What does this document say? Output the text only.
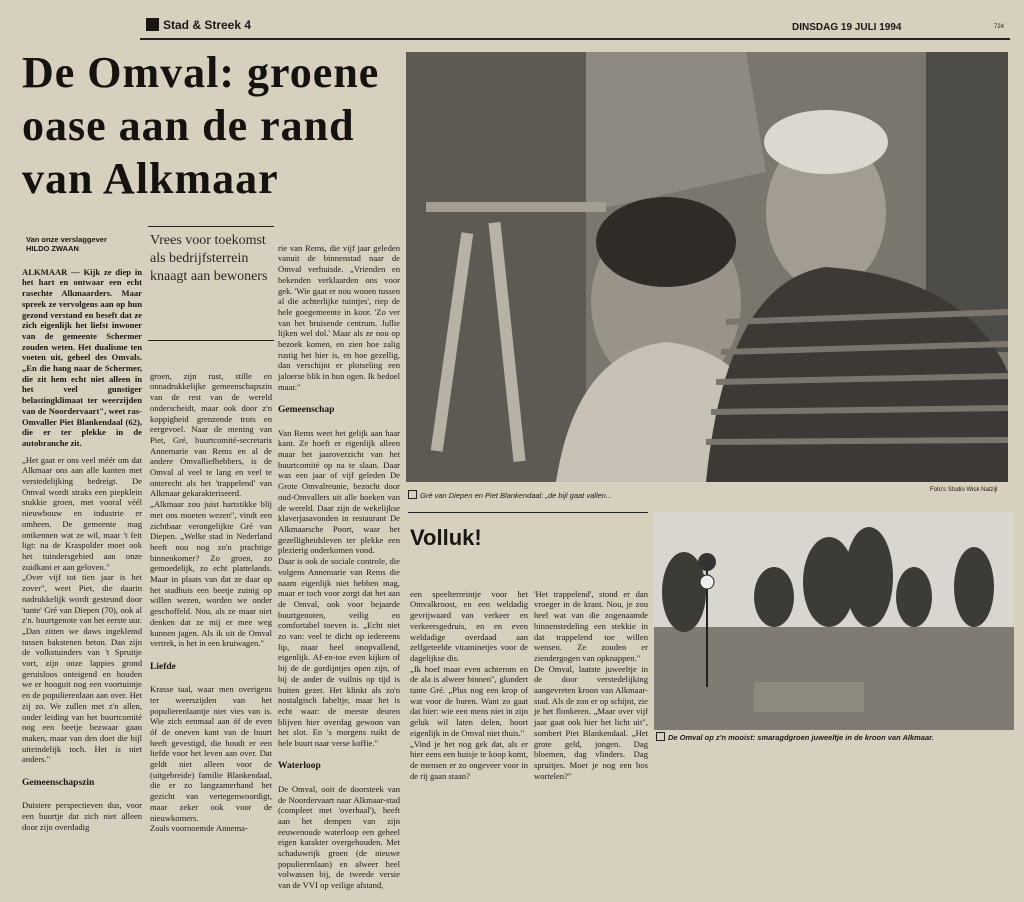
Stad & Streek 4	DINSDAG 19 JULI 1994	724
De Omval: groene oase aan de rand van Alkmaar
Van onze verslaggever
HILDO ZWAAN
Vrees voor toekomst als bedrijfsterrein knaagt aan bewoners

ALKMAAR — Kijk ze diep in het hart en ontwaar een echt rasechte Alkmaarders. Maar spreek ze vervolgens aan op hun gezond verstand en beseft dat ze zich eigenlijk het liefst inwoner van de gemeente Schermer zouden weten. Het dualisme ten voeten uit, geheel des Omvals. „En die hang naar de Schermer, die zit hem echt niet alleen in het veel gunstiger belastingklimaat ter weerzijden van de Noordervaart", weet ras-Omvaller Piet Blankendaal (62), die er ter plekke in de autobranche zit.

„Het gaat er ons veel méér om dat Alkmaar ons aan alle kanten met verstedelijking bedreigt. De Omval wordt straks een piepklein stukkie groen, met vooral véél nieuwbouw en industrie er omheen. De gemeente mag ontkennen wat ze wil, maar 't feit ligt: na de Kraspolder moet ook het tuindersgebied aan onze zuidkant er aan geloven."
„Over vijf tot tien jaar is het zover", weet Piet, die daarin nadrukkelijk wordt gesteund door 'tante' Gré van Diepen (70), ook al z'n. buurtgenote van het eerste uur. „Dan zitten we daws ingeklemd tussen bakstenen beton. Dan zijn de volkstuinders van 't Spruitje vort, zijn onze lappies grond geruisloos onteigend en houden we er hooguit nog een voortuintje en de populierenlaan aan over. Het zij zo. We zullen met z'n allen, onder leiding van het buurtcomité nog een beetje bezwaar gaan maken, maar van den doet die bijl uiteindelijk toch. Het is niet anders."

Gemeenschapszin

Duistere perspectieven dus, voor een buurtje dat zich niet alleen door zijn overdadig

groen, zijn rust, stille en onnadrukkelijke gemeenschapszin van de rest van de wereld onderscheidt, maar ook door z'n koppigheid grenzende trots en eergevoel. Naar de mening van Piet, Gré, buurtcomité-secretaris Annemarie van Rems en al de andere Omvalliefhebbers, is de Omval al veel te lang en veel te onterecht als het 'trappelend' van Alkmaar gekarakteriseerd.
„Alkmaar zou juist hartstikke blij met ons moeten wezen", vindt een zichtbaar verongelijkte Gré van Diepen. „Welke stad in Nederland heeft nou nog zo'n prachtige binnenkomer? Zo groen, zo gemoedelijk, zo echt plattelands. Maar in plaats van dat ze daar op het stadhuis een beetje zuinig op willen wezen, worden we onder geschoffeld. Nou, als ze maar niet denken dat ze mij er mee weg kunnen jagen. Als ik uit de Omval vertrek, is het in een kruiwagen."

Liefde

Krasse taal, waar men overigens ter weerszijden van het populierenlaantje niet vies van is. Wie zich eenmaal aan óf de even óf de oneven kant van de buurt heeft gevestigd, die houdt er een liefde voor het leven aan over. Dat geldt niet alleen voor de (uitgebreide) familie Blankendaal, die er zo langzamerhand het gezicht van vertegenwoordigt, maar zeker ook voor de nieuwkomers.
Zoals voornoemde Annema-

rie van Rems, die vijf jaar geleden vanuit de binnenstad naar de Omval verhuisde. „Vrienden en bekenden verklaarden ons voor gek. 'Wie gaat er nou wonen tussen al die achterlijke tuintjes', riep de hele goegemeente in koor. 'Zo ver van het bruisende centrum. Jullie lijken wel dol.' Maar als ze nou op bezoek komen, en zien hoe zalig rustig het hier is, en hoe gezellig, dan verschijnt er plotseling een jaloerse blik in hun ogen. Ik bedoel maar."

Gemeenschap

Van Rems weet het gelijk aan haar kant. Ze hoeft er eigenlijk alleen maar het jaaroverzicht van het buurtcomité op na te slaan. Daar was een jaar of vijf geleden De Grote Omvalreunie, bezocht door oud-Omvallers uit alle hoeken van de wereld. Daar zijn de wekelijkse klaverjasavonden in restaurant De Alkmaarsche Poort, waar het gezelligheidsleven ter plekke een plezierig onderkomen vond.
Daar is ook de sociale controle, die volgens Annemarie van Rems die naam eigenlijk niet hebben mag, maar er toch voor zorgt dat het aan de Omval, ook voor bejaarde buurtgenoten, veilig en comfortabel toeven is. „Echt niet zo van: veel te dicht op iedereens lip, maar heel onopvallend, eigenlijk. Af-en-toe even kijken of bij de de gordijntjes open zijn, of bij de ander de vuilnis op tijd is buiten gezet. Het klinkt als zo'n nostalgisch fabeltje, maar het is echt waar: de meeste deuren blijven hier overdag gewoon van het slot. En 's morgens ruikt de hele buurt naar verse koffie."

Waterloop

De Omval, ooit de doorsteek van de Noordervaart naar Alkmaar-stad (compleet met 'overhaal'), heeft aan het dempen van zijn eeuwenoude waterloop een geheel eigen karakter overgehouden. Met schaduwrijk groen (de nieuwe populierenlaan) en alweer heel volwassen bij, de tweede versie van de VVI op veilige afstand,

Gré van Diepen en Piet Blankendaal: „de bijl gaat vallen...
Foto's Studio Wick Natzijl
Volluk!

een speelterreintje voor het Omvalkroost, en een weldadig gevrijwaard van verkeer en verkeersgedruis, en en even weldadige overdaad aan zelfgeteelde vitaminetjes voor de dagelijkse dis.
„Ik hoef maar even achterom en de ala is alweer binnen", glundert tante Gré. „Plus nog een krop of wat voor de buren. Want zo gaat dat hier: wie een mens niet in zijn geluk wil laten delen, hoort eigenlijk in de Omval niet thuis."
„Vind je het nog gek dat, als er hier eens een huisje te koop komt, de mensen er zo ongeveer voor in de rij gaan staan?

'Het trappelend', stond er dan vroeger in de krant. Nou, je zou heel wat van die zogenaamde binnenstedeling een stekkie in dat trappelend toe willen wensen. Ze zouden er ziendergogen van opknappen."
De Omval, laatste juweeltje in de door verstedelijking aangevreten kroon van Alkmaar-stad. Als de zon er op schijnt, zie je het flonkeren. „Maar over vijf jaar gaat ook hier het licht uit", sombert Piet Blankendaal. „Het grote geld, jongen. Dag bloemen, dag vlinders. Dag spruitjes. Moet je nog een bos wortelen?"

De Omval op z'n mooist: smaragdgroen juweeltje in de kroon van Alkmaar.
